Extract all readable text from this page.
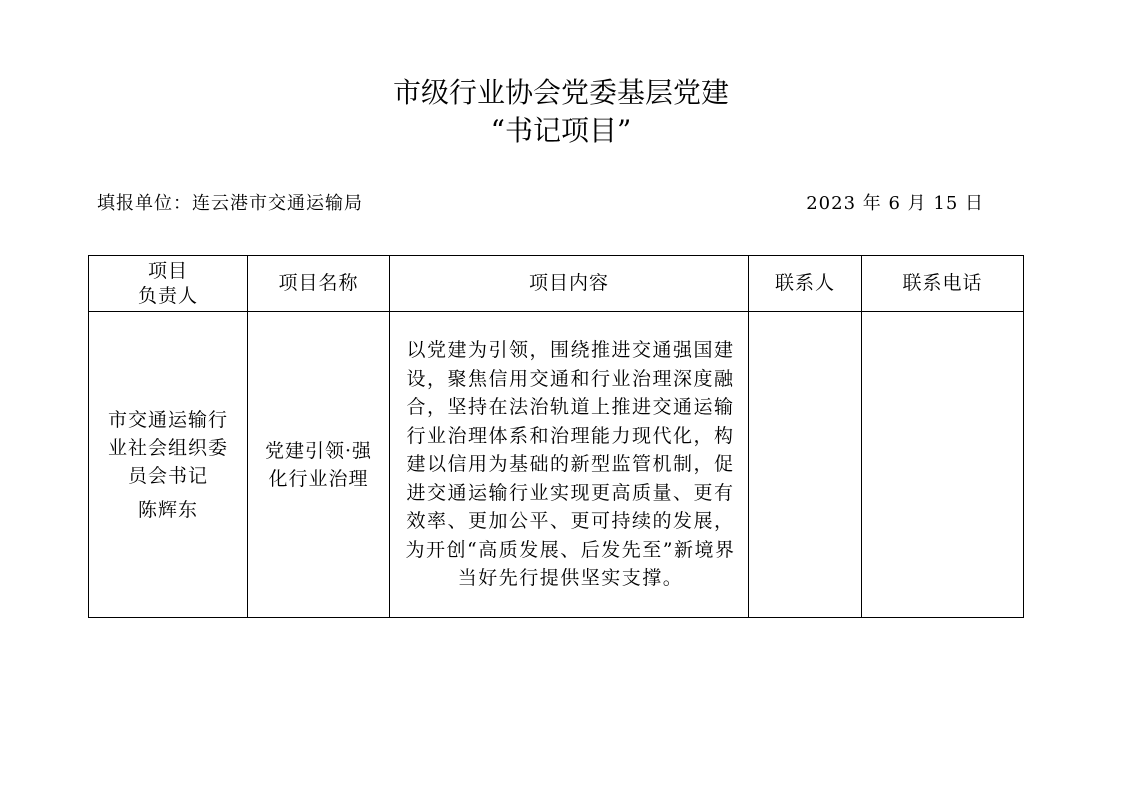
市级行业协会党委基层党建
“书记项目”
填报单位：连云港市交通运输局	2023 年 6 月 15 日
项目
负责人	项目名称	项目内容	联系人	联系电话

市交通运输行业社会组织委员会书记
陈辉东	党建引领·强化行业治理	以党建为引领，围绕推进交通强国建设，聚焦信用交通和行业治理深度融合，坚持在法治轨道上推进交通运输行业治理体系和治理能力现代化，构建以信用为基础的新型监管机制，促进交通运输行业实现更高质量、更有效率、更加公平、更可持续的发展，为开创“高质发展、后发先至”新境界当好先行提供坚实支撑。		
